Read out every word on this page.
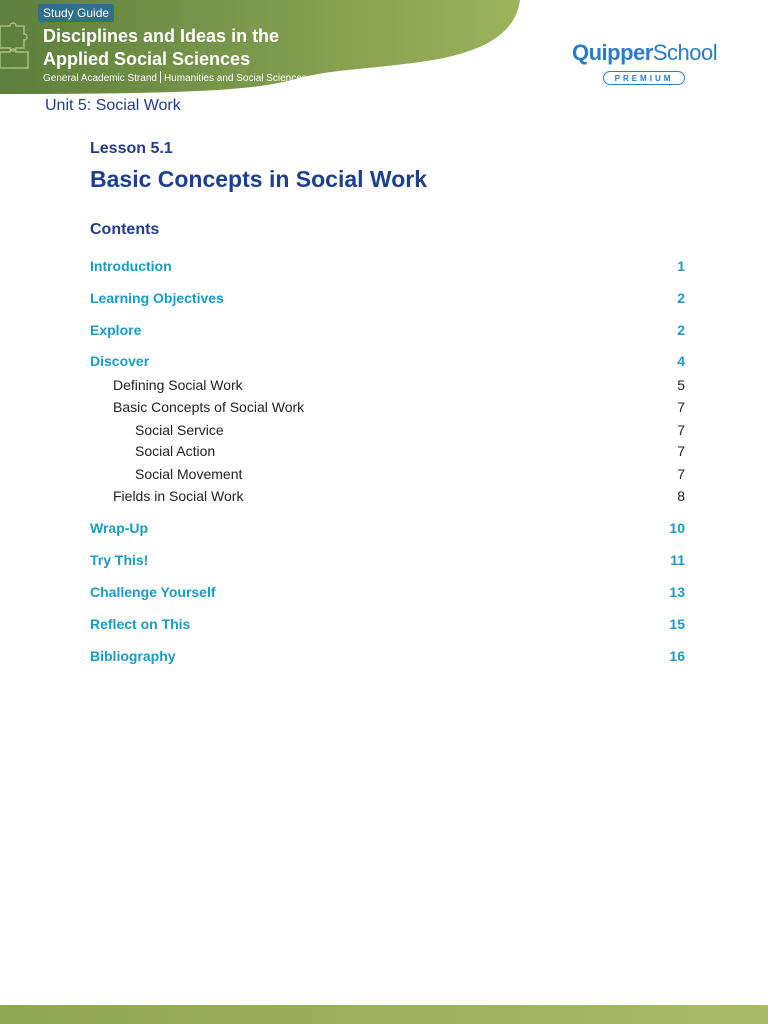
Study Guide
Disciplines and Ideas in the Applied Social Sciences
General Academic Strand Humanities and Social Sciences
QuipperSchool
PREMIUM
Unit 5: Social Work
Lesson 5.1
Basic Concepts in Social Work
Contents
Introduction	1
Learning Objectives	2
Explore	2
Discover	4
Defining Social Work	5
Basic Concepts of Social Work	7
Social Service	7
Social Action	7
Social Movement	7
Fields in Social Work	8
Wrap-Up	10
Try This!	11
Challenge Yourself	13
Reflect on This	15
Bibliography	16
